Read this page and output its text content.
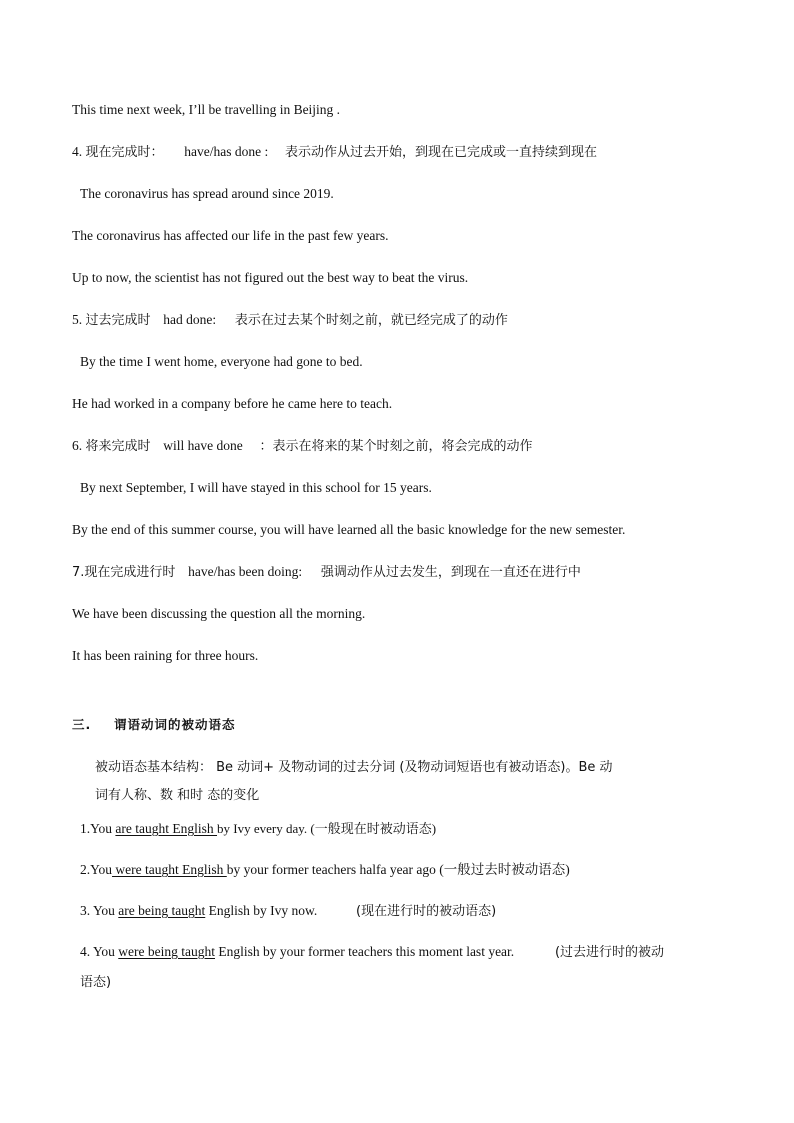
This time next week, I’ll be travelling in Beijing .
4. 现在完成时： have/has done : 表示动作从过去开始，到现在已完成或一直持续到现在
The coronavirus has spread around since 2019.
The coronavirus has affected our life in the past few years.
Up to now, the scientist has not figured out the best way to beat the virus.
5. 过去完成时 had done: 表示在过去某个时刻之前，就已经完成了的动作
By the time I went home, everyone had gone to bed.
He had worked in a company before he came here to teach.
6. 将来完成时 will have done ：表示在将来的某个时刻之前，将会完成的动作
By next September, I will have stayed in this school for 15 years.
By the end of this summer course, you will have learned all the basic knowledge for the new semester.
7.现在完成进行时 have/has been doing: 强调动作从过去发生，到现在一直还在进行中
We have been discussing the question all the morning.
It has been raining for three hours.
三. 谓语动词的被动语态
被动语态基本结构： Be 动词+ 及物动词的过去分词 (及物动词短语也有被动语态)。Be 动
词有人称、数 和时 态的变化
1.You are taught English by Ivy every day. (一般现在时被动语态)
2.You were taught English by your former teachers halfa year ago (一般过去时被动语态)
3. You are being taught English by Ivy now.	(现在进行时的被动语态)
4. You were being taught English by your former teachers this moment last year.	(过去进行时的被动
语态)
